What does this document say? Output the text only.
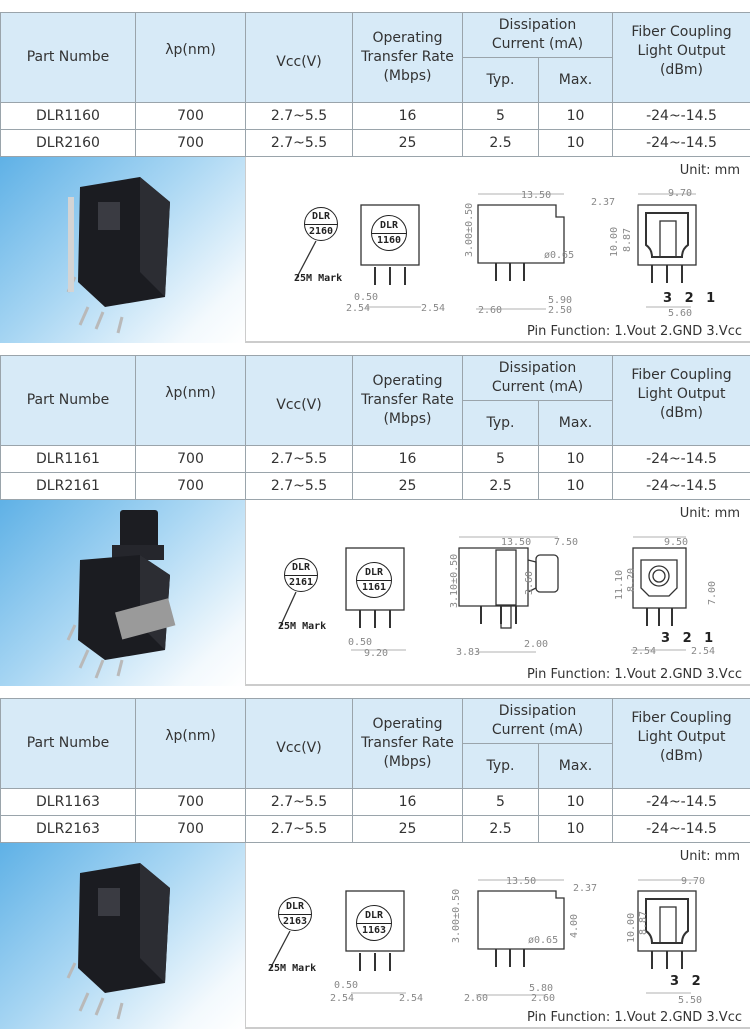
Part Numbe	λp(nm)	Vcc(V)	Operating Transfer Rate (Mbps)	Dissipation Current (mA)		Fiber Coupling Light Output (dBm)
				Typ.	Max.	
DLR1160	700	2.7~5.5	16	5	10	-24~-14.5
DLR2160	700	2.7~5.5	25	2.5	10	-24~-14.5
Unit: mm
DLR
2160
DLR
1160
25M Mark
13.50
2.37
3.00±0.50	ø0.65
5.90
2.60	2.50
0.50
2.54	2.54
9.70
10.00 8.87
5.60
3 2 1
Pin Function: 1.Vout 2.GND 3.Vcc
Part Numbe	λp(nm)	Vcc(V)	Operating Transfer Rate (Mbps)	Dissipation Current (mA)		Fiber Coupling Light Output (dBm)
				Typ.	Max.	
DLR1161	700	2.7~5.5	16	5	10	-24~-14.5
DLR2161	700	2.7~5.5	25	2.5	10	-24~-14.5
Unit: mm
DLR
2161
DLR
1161
25M Mark
13.50 7.50
3.10±0.50	3.60
3.83
2.00
0.50
9.20
9.50
11.10 8.20
7.00
2.54	2.54
3 2 1
Pin Function: 1.Vout 2.GND 3.Vcc
Part Numbe	λp(nm)	Vcc(V)	Operating Transfer Rate (Mbps)	Dissipation Current (mA)		Fiber Coupling Light Output (dBm)
				Typ.	Max.	
DLR1163	700	2.7~5.5	16	5	10	-24~-14.5
DLR2163	700	2.7~5.5	25	2.5	10	-24~-14.5
Unit: mm
DLR
2163
DLR
1163
25M Mark
13.50
2.37
3.00±0.50	4.00
ø0.65
5.80
2.60	2.60
0.50
2.54	2.54
9.70
10.00 8.87
5.50
3 2
Pin Function: 1.Vout 2.GND 3.Vcc
